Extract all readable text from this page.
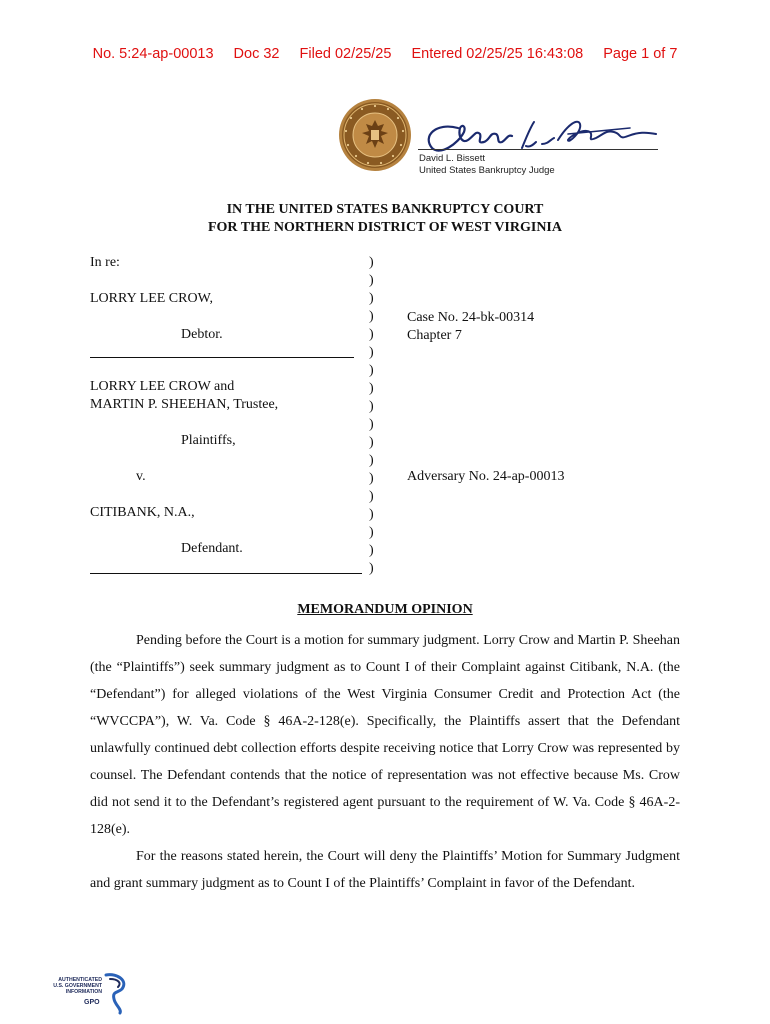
No. 5:24-ap-00013 Doc 32 Filed 02/25/25 Entered 02/25/25 16:43:08 Page 1 of 7
David L. Bissett
United States Bankruptcy Judge
IN THE UNITED STATES BANKRUPTCY COURT
FOR THE NORTHERN DISTRICT OF WEST VIRGINIA
In re:
LORRY LEE CROW,
Debtor.
LORRY LEE CROW and
MARTIN P. SHEEHAN, Trustee,
Plaintiffs,
v.
CITIBANK, N.A.,
Defendant.
)
)
)
)
)
)
)
)
)
)
)
)
)
)
)
)
)
)
Case No. 24-bk-00314
Chapter 7
Adversary No. 24-ap-00013
MEMORANDUM OPINION

Pending before the Court is a motion for summary judgment. Lorry Crow and Martin P. Sheehan (the “Plaintiffs”) seek summary judgment as to Count I of their Complaint against Citibank, N.A. (the “Defendant”) for alleged violations of the West Virginia Consumer Credit and Protection Act (the “WVCCPA”), W. Va. Code § 46A-2-128(e). Specifically, the Plaintiffs assert that the Defendant unlawfully continued debt collection efforts despite receiving notice that Lorry Crow was represented by counsel. The Defendant contends that the notice of representation was not effective because Ms. Crow did not send it to the Defendant’s registered agent pursuant to the requirement of W. Va. Code § 46A-2-128(e).

For the reasons stated herein, the Court will deny the Plaintiffs’ Motion for Summary Judgment and grant summary judgment as to Count I of the Plaintiffs’ Complaint in favor of the Defendant.

AUTHENTICATED
U.S. GOVERNMENT
INFORMATION
GPO
